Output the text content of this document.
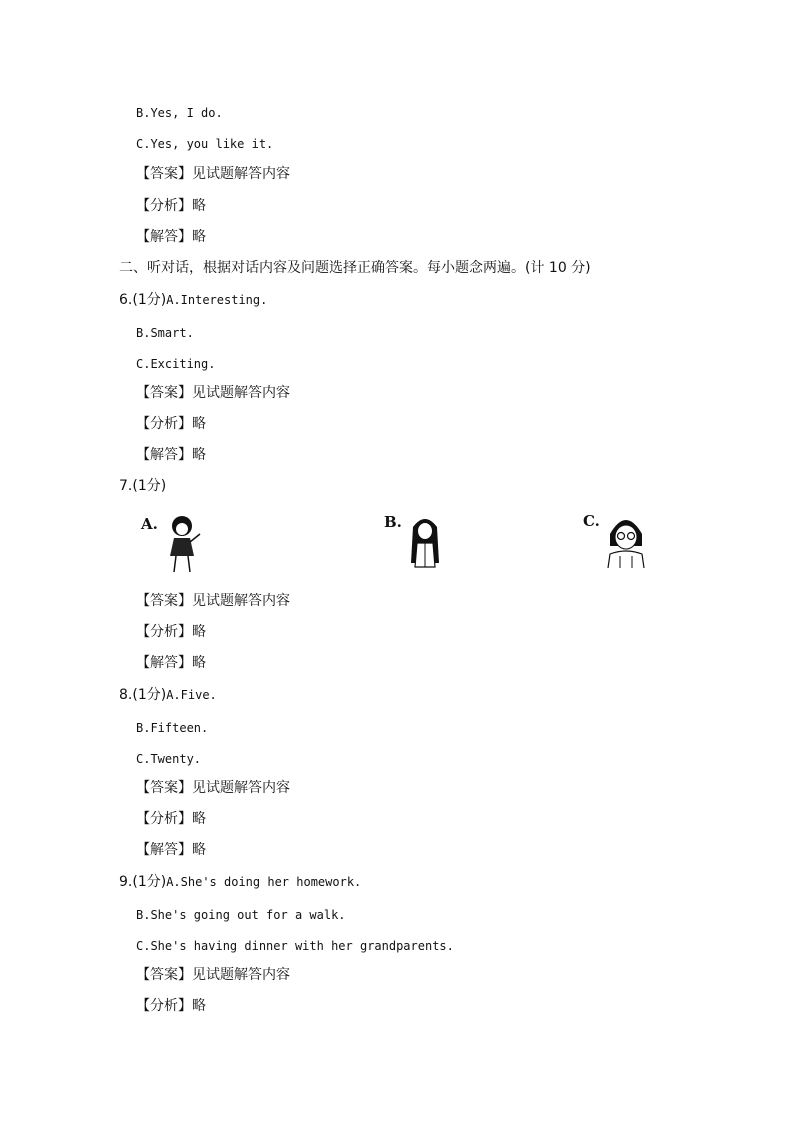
B.Yes, I do.
C.Yes, you like it.
【答案】见试题解答内容
【分析】略
【解答】略
二、听对话，根据对话内容及问题选择正确答案。每小题念两遍。(计 10 分)
6.(1分)A.Interesting.
B.Smart.
C.Exciting.
【答案】见试题解答内容
【分析】略
【解答】略
7.(1分)
A.	B.	C.
【答案】见试题解答内容
【分析】略
【解答】略
8.(1分)A.Five.
B.Fifteen.
C.Twenty.
【答案】见试题解答内容
【分析】略
【解答】略
9.(1分)A.She's doing her homework.
B.She's going out for a walk.
C.She's having dinner with her grandparents.
【答案】见试题解答内容
【分析】略
